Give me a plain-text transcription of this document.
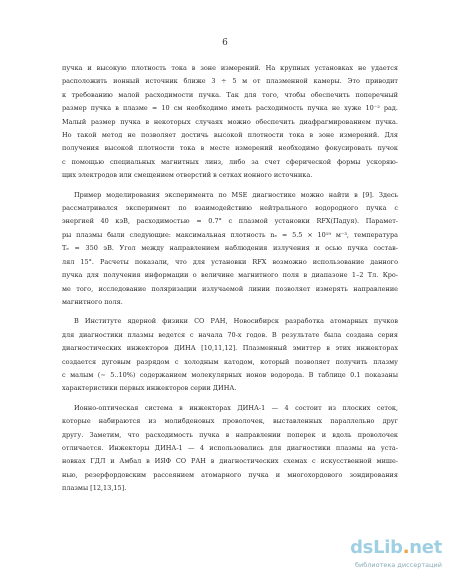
6
пучка и высокую плотность тока в зоне измерений. На крупных установках не удается
расположить ионный источник ближе 3 ÷ 5 м от плазменной камеры. Это приводит
к требованию малой расходимости пучка. Так для того, чтобы обеспечить поперечный
размер пучка в плазме ≈ 10 см необходимо иметь расходимость пучка не хуже 10⁻² рад.
Малый размер пучка в некоторых случаях можно обеспечить диафрагмированием пучка.
Но такой метод не позволяет достичь высокой плотности тока в зоне измерений. Для
получения высокой плотности тока в месте измерений необходимо фокусировать пучок
с помощью специальных магнитных линз, либо за счет сферической формы ускоряю-
щих электродов или смещением отверстий в сетках ионного источника.
Пример моделирования эксперимента по MSE диагностике можно найти в [9]. Здесь
рассматривался эксперимент по взаимодействию нейтрального водородного пучка с
энергией 40 кэВ, расходимостью ≈ 0.7° с плазмой установки RFX(Падуя). Парамет-
ры плазмы были следующие: максимальная плотность nₑ ≈ 5.5 × 10¹⁹ м⁻³, температура
Tₑ ≈ 350 эВ. Угол между направлением наблюдения излучения и осью пучка состав-
лял 15°. Расчеты показали, что для установки RFX возможно использование данного
пучка для получения информации о величине магнитного поля в диапазоне 1–2 Тл. Кро-
ме того, исследование поляризации излучаемой линии позволяет измерять направление
магнитного поля.
В Институте ядерной физики СО РАН, Новосибирск разработка атомарных пучков
для диагностики плазмы ведется с начала 70-х годов. В результате была создана серия
диагностических инжекторов ДИНА [10,11,12]. Плазменный эмиттер в этих инжекторах
создается дуговым разрядом с холодным катодом, который позволяет получить плазму
с малым (∼ 5..10%) содержанием молекулярных ионов водорода. В таблице 0.1 показаны
характеристики первых инжекторов серии ДИНА.
Ионно-оптическая система в инжекторах ДИНА-1 — 4 состоит из плоских сеток,
которые набираются из молибденовых проволочек, выставленных параллельно друг
другу. Заметим, что расходимость пучка в направлении поперек и вдоль проволочек
отличается. Инжекторы ДИНА-1 — 4 использовались для диагностики плазмы на уста-
новках ГДЛ и Амбал в ИЯФ СО РАН в диагностических схемах с искусственной мише-
нью, резерфордовским рассеянием атомарного пучка и многохордового зондирования
плазмы [12,13,15].
dsLib.net
библиотека диссертаций
